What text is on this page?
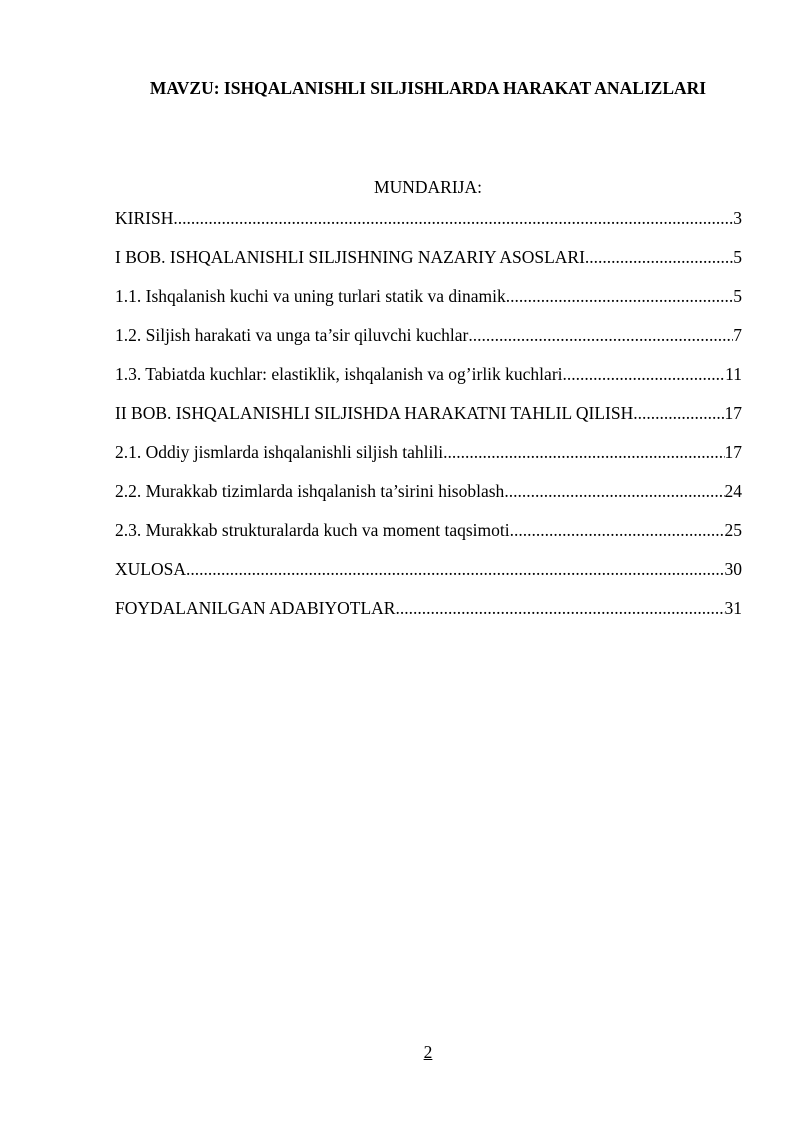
MAVZU: ISHQALANISHLI SILJISHLARDA HARAKAT ANALIZLARI
MUNDARIJA:
KIRISH .....	3
I BOB. ISHQALANISHLI SILJISHNING NAZARIY ASOSLARI .....	5
1.1. Ishqalanish kuchi va uning turlari statik va dinamik .....	5
1.2. Siljish harakati va unga ta’sir qiluvchi kuchlar .....	7
1.3. Tabiatda kuchlar: elastiklik, ishqalanish va og’irlik kuchlari .....	11
II BOB. ISHQALANISHLI SILJISHDA HARAKATNI TAHLIL QILISH .....	17
2.1. Oddiy jismlarda ishqalanishli siljish tahlili .....	17
2.2. Murakkab tizimlarda ishqalanish ta’sirini hisoblash .....	24
2.3. Murakkab strukturalarda kuch va moment taqsimoti .....	25
XULOSA .....	30
FOYDALANILGAN ADABIYOTLAR .....	31
2
